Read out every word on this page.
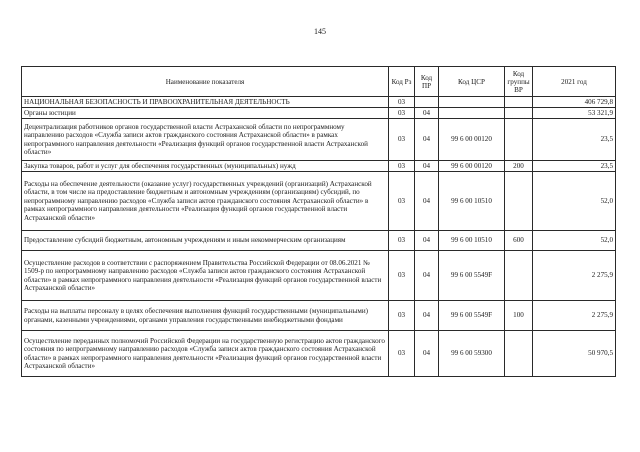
145
Наименование показателя	Код Рз	Код ПР	Код ЦСР	Код группы ВР	2021 год
НАЦИОНАЛЬНАЯ БЕЗОПАСНОСТЬ И ПРАВООХРАНИТЕЛЬНАЯ ДЕЯТЕЛЬНОСТЬ	03				406 729,8
Органы юстиции	03	04			53 321,9
Децентрализация работников органов государственной власти Астраханской области по непрограммному направлению расходов «Служба записи актов гражданского состояния Астраханской области» в рамках непрограммного направления деятельности «Реализация функций органов государственной власти Астраханской области»	03	04	99 6 00 00120		23,5
Закупка товаров, работ и услуг для обеспечения государственных (муниципальных) нужд	03	04	99 6 00 00120	200	23,5
Расходы на обеспечение деятельности (оказание услуг) государственных учреждений (организаций) Астраханской области, в том числе на предоставление бюджетным и автономным учреждениям (организациям) субсидий, по непрограммному направлению расходов «Служба записи актов гражданского состояния Астраханской области» в рамках непрограммного направления деятельности «Реализация функций органов государственной власти Астраханской области»	03	04	99 6 00 10510		52,0
Предоставление субсидий бюджетным, автономным учреждениям и иным некоммерческим организациям	03	04	99 6 00 10510	600	52,0
Осуществление расходов в соответствии с распоряжением Правительства Российской Федерации от 08.06.2021 № 1509-р по непрограммному направлению расходов «Служба записи актов гражданского состояния Астраханской области» в рамках непрограммного направления деятельности «Реализация функций органов государственной власти Астраханской области»	03	04	99 6 00 5549F		2 275,9
Расходы на выплаты персоналу в целях обеспечения выполнения функций государственными (муниципальными) органами, казенными учреждениями, органами управления государственными внебюджетными фондами	03	04	99 6 00 5549F	100	2 275,9
Осуществление переданных полномочий Российской Федерации на государственную регистрацию актов гражданского состояния по непрограммному направлению расходов «Служба записи актов гражданского состояния Астраханской области» в рамках непрограммного направления деятельности «Реализация функций органов государственной власти Астраханской области»	03	04	99 6 00 59300		50 970,5
